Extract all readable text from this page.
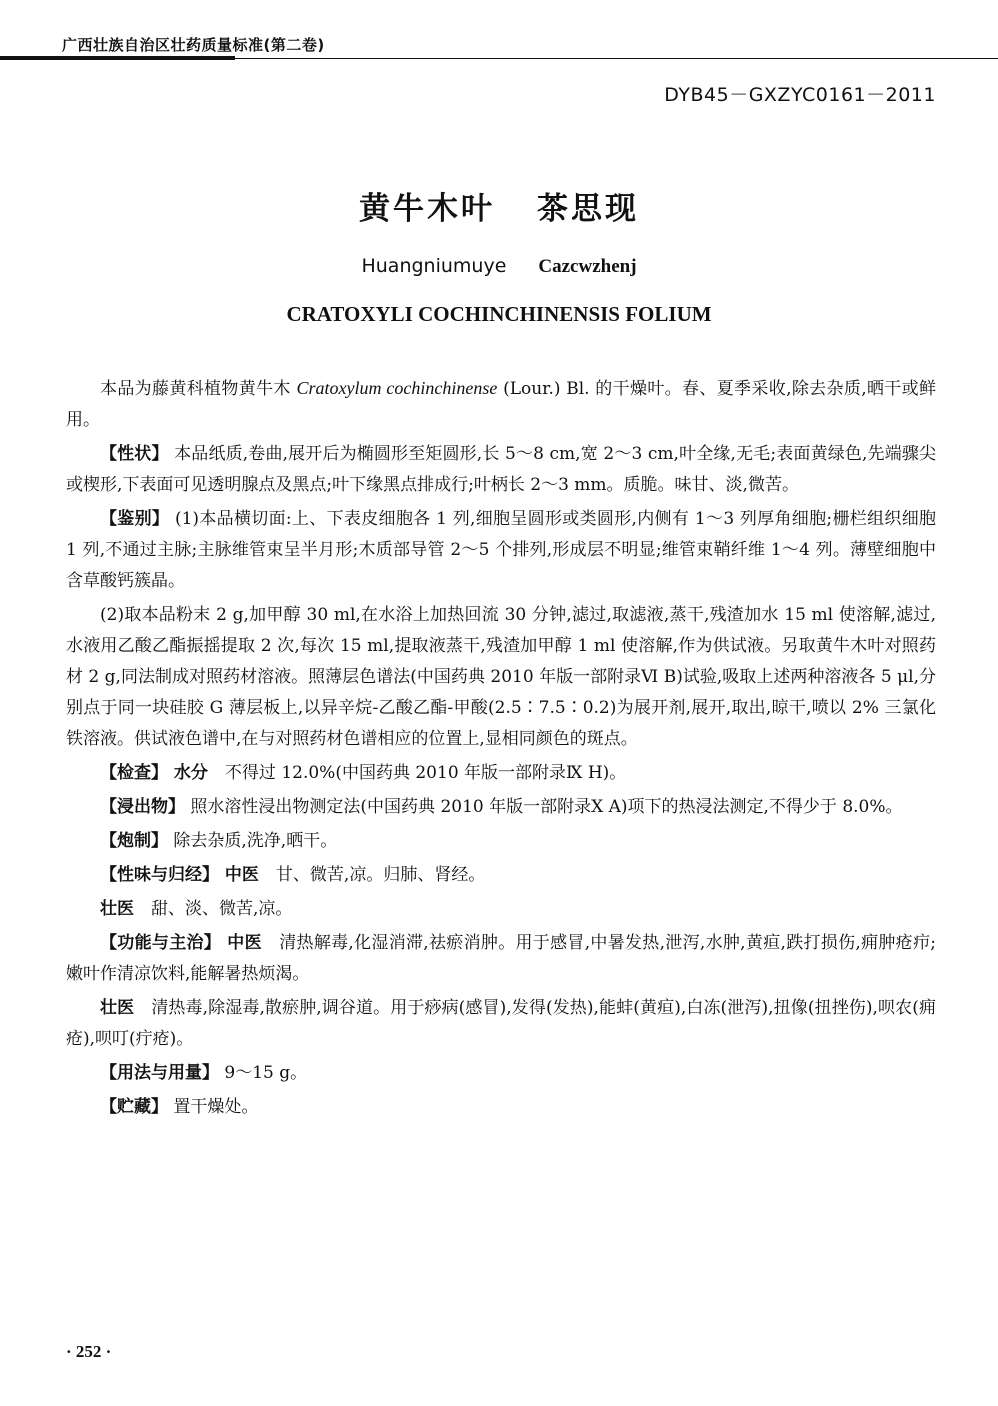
广西壮族自治区壮药质量标准(第二卷)
DYB45－GXZYC0161－2011
黄牛木叶 茶思现
Huangniumuye Cazcwzhenj
CRATOXYLI COCHINCHINENSIS FOLIUM

本品为藤黄科植物黄牛木 Cratoxylum cochinchinense (Lour.) Bl. 的干燥叶。春、夏季采收,除去杂质,晒干或鲜用。

【性状】 本品纸质,卷曲,展开后为椭圆形至矩圆形,长 5～8 cm,宽 2～3 cm,叶全缘,无毛;表面黄绿色,先端骤尖或楔形,下表面可见透明腺点及黑点;叶下缘黑点排成行;叶柄长 2～3 mm。质脆。味甘、淡,微苦。

【鉴别】 (1)本品横切面:上、下表皮细胞各 1 列,细胞呈圆形或类圆形,内侧有 1～3 列厚角细胞;栅栏组织细胞 1 列,不通过主脉;主脉维管束呈半月形;木质部导管 2～5 个排列,形成层不明显;维管束鞘纤维 1～4 列。薄壁细胞中含草酸钙簇晶。

(2)取本品粉末 2 g,加甲醇 30 ml,在水浴上加热回流 30 分钟,滤过,取滤液,蒸干,残渣加水 15 ml 使溶解,滤过,水液用乙酸乙酯振摇提取 2 次,每次 15 ml,提取液蒸干,残渣加甲醇 1 ml 使溶解,作为供试液。另取黄牛木叶对照药材 2 g,同法制成对照药材溶液。照薄层色谱法(中国药典 2010 年版一部附录Ⅵ B)试验,吸取上述两种溶液各 5 μl,分别点于同一块硅胶 G 薄层板上,以异辛烷-乙酸乙酯-甲酸(2.5∶7.5∶0.2)为展开剂,展开,取出,晾干,喷以 2% 三氯化铁溶液。供试液色谱中,在与对照药材色谱相应的位置上,显相同颜色的斑点。

【检查】 水分　不得过 12.0%(中国药典 2010 年版一部附录Ⅸ H)。

【浸出物】 照水溶性浸出物测定法(中国药典 2010 年版一部附录Ⅹ A)项下的热浸法测定,不得少于 8.0%。

【炮制】 除去杂质,洗净,晒干。

【性味与归经】 中医　甘、微苦,凉。归肺、肾经。

壮医　甜、淡、微苦,凉。

【功能与主治】 中医　清热解毒,化湿消滞,祛瘀消肿。用于感冒,中暑发热,泄泻,水肿,黄疸,跌打损伤,痈肿疮疖;嫩叶作清凉饮料,能解暑热烦渴。

壮医　清热毒,除湿毒,散瘀肿,调谷道。用于痧病(感冒),发得(发热),能蚌(黄疸),白冻(泄泻),扭像(扭挫伤),呗农(痈疮),呗叮(疔疮)。

【用法与用量】 9～15 g。

【贮藏】 置干燥处。

· 252 ·
